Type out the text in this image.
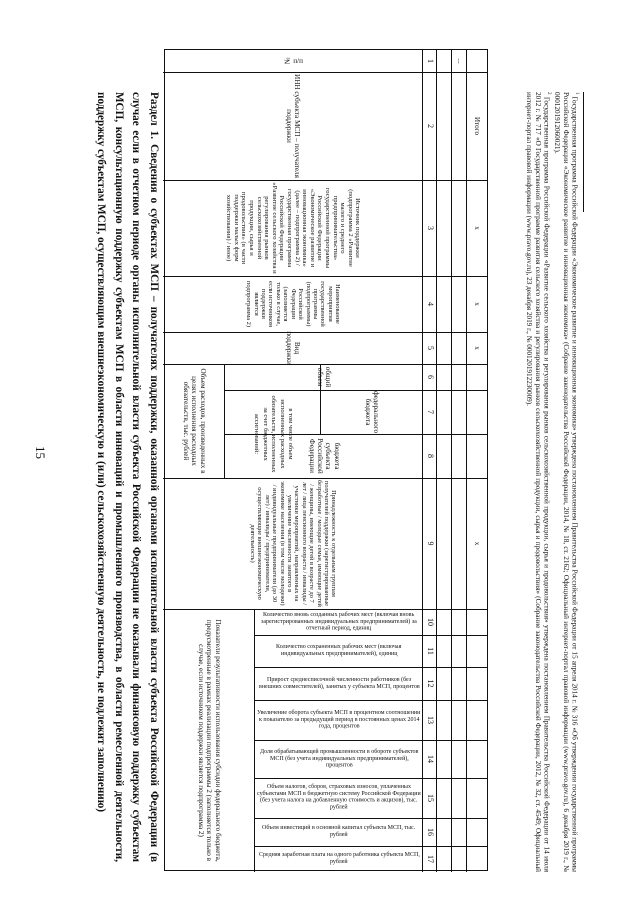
15	Раздел 1. Сведения о субъектах МСП – получателях поддержки, оказанной органами исполнительной власти субъекта Российской Федерации (в случае если в отчетном периоде органы исполнительной власти субъекта Российской Федерации не оказывали финансовую поддержку субъектам МСП, консультационную поддержку субъектам МСП в области инноваций и промышленного производства, в области ремесленной деятельности, поддержку субъектам МСП, осуществляющим внешнеэкономическую и (или) сельскохозяйственную деятельность, не подлежит заполнению)	Итого
x
x
x
x
...
1
2
3
4
5
6
7
8
9
10
11
12
13
14
15
16
17
№ п/п
ИНН субъекта МСП – получателя поддержки
Источник поддержки (подпрограмма 2 «Развитие малого и среднего предпринимательства» государственной программы Российской Федерации «Экономическое развитие и инновационная экономика» (далее – подпрограмма 2) / государственная программа Российской Федерации «Развитие сельского хозяйства и регулирования рынков сельскохозяйственной продукции, сырья и продовольствия» (в части поддержки малых форм хозяйствования) / иное)
Наименование мероприятия государственной программы (подпрограммы) Российской Федерации (заполняется только в случае, если источником поддержки является подпрограмма 2)
Вид поддержки
Объем расходов, произведенных в целях исполнения расходных обязательств, тыс. рублей
общий объем
в том числе объем исполненных расходных обязательств, исполненных за счет бюджетных ассигнований:
федерального бюджета
бюджета субъекта Российской Федерации
Принадлежность к отдельным группам получателей поддержки (зарегистрированные безработные / молодые семьи, имеющие детей / женщины, имеющие детей в возрасте до 7 лет / лица пенсионного возраста / инвалиды / участники мероприятий, направленных на увеличение численности занятого в экономике населения (в том числе молодежи) / индивидуальные предприниматели (до 30 лет) / инвалиды / предприниматели, осуществляющие внешнеэкономическую деятельность)
Показатели результативности использования субсидии федерального бюджета, предусмотренные в рамках реализации подпрограммы 2 (заполняется только в случае, если источником поддержки является подпрограмма 2)
Количество вновь созданных рабочих мест (включая вновь зарегистрированных индивидуальных предпринимателей) за отчетный период, единиц
Количество сохраненных рабочих мест (включая индивидуальных предпринимателей), единиц
Прирост среднесписочной численности работников (без внешних совместителей), занятых у субъекта МСП, процентов
Увеличение оборота субъекта МСП в процентном соотношении к показателю за предыдущий период в постоянных ценах 2014 года, процентов
Доля обрабатывающей промышленности в обороте субъектов МСП (без учета индивидуальных предпринимателей), процентов
Объем налогов, сборов, страховых взносов, уплаченных субъектами МСП в бюджетную систему Российской Федерации (без учета налога на добавленную стоимость и акцизов), тыс. рублей
Объем инвестиций в основной капитал субъекта МСП, тыс. рублей
Средняя заработная плата на одного работника субъекта МСП, рублей

$^1$ Государственная программа Российской Федерации «Экономическое развитие и инновационная экономика» утверждена постановлением Правительства Российской Федерации от 15 апреля 2014 г. № 316 «Об утверждении государственной программы Российской Федерации «Экономическое развитие и инновационная экономика» (Собрание законодательства Российской Федерации, 2014, № 18, ст. 2162; Официальный интернет-портал правовой информации (www.pravo.gov.ru), 6 декабря 2019 г., № 0001201912060021).

$^2$ Государственная программа Российской Федерации «Развитие сельского хозяйства и регулирования рынков сельскохозяйственной продукции, сырья и продовольствия» утверждена постановлением Правительства Российской Федерации от 14 июля 2012 г. № 717 «О Государственной программе развития сельского хозяйства и регулирования рынков сельскохозяйственной продукции, сырья и продовольствия» (Собрание законодательства Российской Федерации, 2012, № 32, ст. 4549; Официальный интернет-портал правовой информации (www.pravo.gov.ru), 23 декабря 2019 г., № 0001201912230009).
